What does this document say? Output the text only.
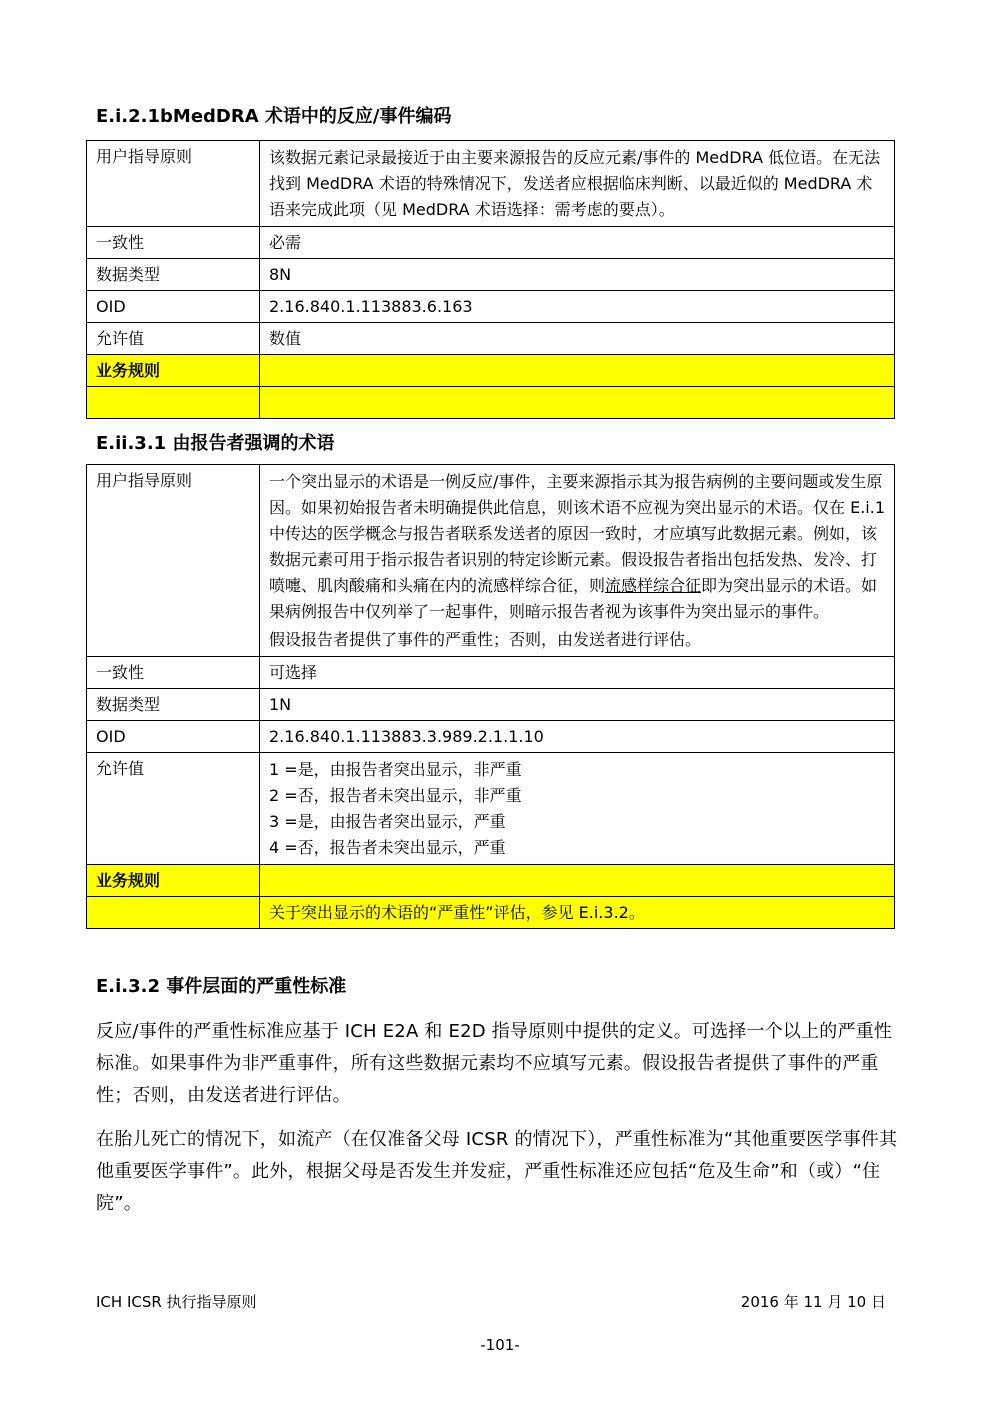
E.i.2.1bMedDRA 术语中的反应/事件编码
用户指导原则	该数据元素记录最接近于由主要来源报告的反应元素/事件的 MedDRA 低位语。在无法找到 MedDRA 术语的特殊情况下，发送者应根据临床判断、以最近似的 MedDRA 术语来完成此项（见 MedDRA 术语选择：需考虑的要点）。

一致性	必需
数据类型	8N
OID	2.16.840.1.113883.6.163
允许值	数值
业务规则	

E.ii.3.1 由报告者强调的术语
用户指导原则	一个突出显示的术语是一例反应/事件，主要来源指示其为报告病例的主要问题或发生原因。如果初始报告者未明确提供此信息，则该术语不应视为突出显示的术语。仅在 E.i.1 中传达的医学概念与报告者联系发送者的原因一致时，才应填写此数据元素。例如，该数据元素可用于指示报告者识别的特定诊断元素。假设报告者指出包括发热、发冷、打喷嚏、肌肉酸痛和头痛在内的流感样综合征，则流感样综合征即为突出显示的术语。如果病例报告中仅列举了一起事件，则暗示报告者视为该事件为突出显示的事件。

假设报告者提供了事件的严重性；否则，由发送者进行评估。

一致性	可选择
数据类型	1N
OID	2.16.840.1.113883.3.989.2.1.1.10
允许值	1 =是，由报告者突出显示，非严重

2 =否，报告者未突出显示，非严重

3 =是，由报告者突出显示，严重

4 =否，报告者未突出显示，严重

业务规则	
	关于突出显示的术语的“严重性”评估，参见 E.i.3.2。
E.i.3.2 事件层面的严重性标准

反应/事件的严重性标准应基于 ICH E2A 和 E2D 指导原则中提供的定义。可选择一个以上的严重性标准。如果事件为非严重事件，所有这些数据元素均不应填写元素。假设报告者提供了事件的严重性；否则，由发送者进行评估。

在胎儿死亡的情况下，如流产（在仅准备父母 ICSR 的情况下），严重性标准为“其他重要医学事件其他重要医学事件”。此外，根据父母是否发生并发症，严重性标准还应包括“危及生命”和（或）“住院”。

ICH ICSR 执行指导原则	2016 年 11 月 10 日
-101-
